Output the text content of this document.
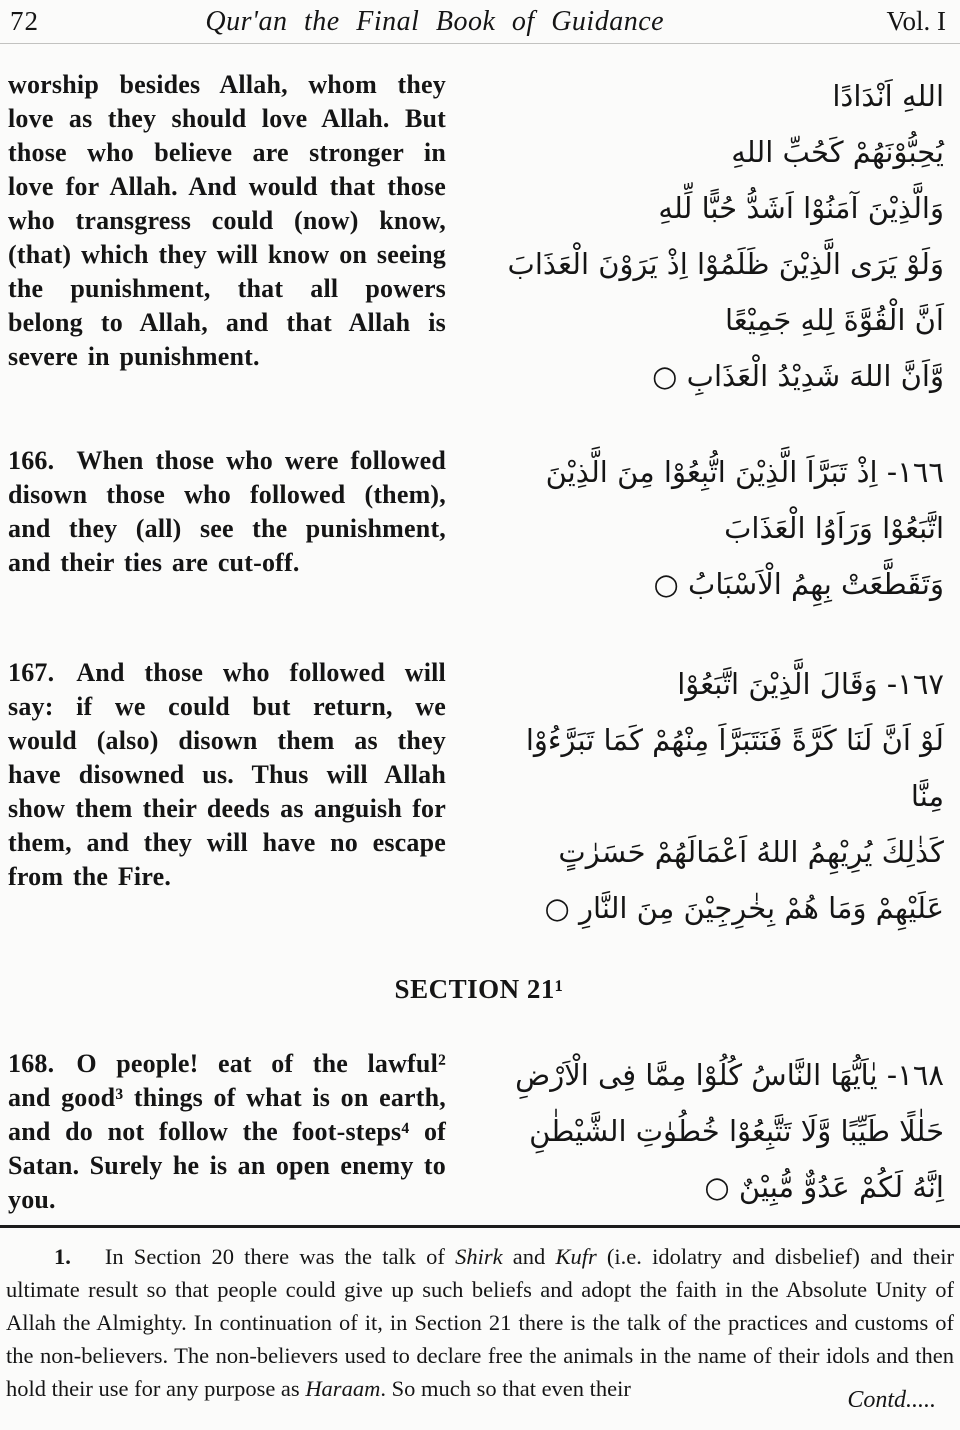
72	Qur'an the Final Book of Guidance	Vol. I

worship besides Allah, whom they love as they should love Allah. But those who believe are stronger in love for Allah. And would that those who transgress could (now) know, (that) which they will know on seeing the punishment, that all powers belong to Allah, and that Allah is severe in punishment.

اللهِ اَنْدَادًا
يُحِبُّوْنَهُمْ كَحُبِّ اللهِ
وَالَّذِيْنَ آمَنُوْا اَشَدُّ حُبًّا لِّلهِ
وَلَوْ يَرَى الَّذِيْنَ ظَلَمُوْا اِذْ يَرَوْنَ الْعَذَابَ
اَنَّ الْقُوَّةَ لِلهِ جَمِيْعًا
وَّاَنَّ اللهَ شَدِيْدُ الْعَذَابِ ○

166. When those who were followed disown those who followed (them), and they (all) see the punishment, and their ties are cut-off.

١٦٦- اِذْ تَبَرَّاَ الَّذِيْنَ اتُّبِعُوْا مِنَ الَّذِيْنَ
اتَّبَعُوْا وَرَاَوُا الْعَذَابَ
وَتَقَطَّعَتْ بِهِمُ الْاَسْبَابُ ○

167. And those who followed will say: if we could but return, we would (also) disown them as they have disowned us. Thus will Allah show them their deeds as anguish for them, and they will have no escape from the Fire.

١٦٧- وَقَالَ الَّذِيْنَ اتَّبَعُوْا
لَوْ اَنَّ لَنَا كَرَّةً فَنَتَبَرَّاَ مِنْهُمْ كَمَا تَبَرَّءُوْا
مِنَّا
كَذٰلِكَ يُرِيْهِمُ اللهُ اَعْمَالَهُمْ حَسَرٰتٍ
عَلَيْهِمْ وَمَا هُمْ بِخٰرِجِيْنَ مِنَ النَّارِ ○
SECTION 21¹

168. O people! eat of the lawful² and good³ things of what is on earth, and do not follow the foot-steps⁴ of Satan. Surely he is an open enemy to you.

١٦٨- يٰاَيُّهَا النَّاسُ كُلُوْا مِمَّا فِى الْاَرْضِ
حَلٰلًا طَيِّبًا وَّلَا تَتَّبِعُوْا خُطُوٰتِ الشَّيْطٰنِ
اِنَّهُ لَكُمْ عَدُوٌّ مُّبِيْنٌ ○

1. In Section 20 there was the talk of Shirk and Kufr (i.e. idolatry and disbelief) and their ultimate result so that people could give up such beliefs and adopt the faith in the Absolute Unity of Allah the Almighty. In continuation of it, in Section 21 there is the talk of the practices and customs of the non-believers. The non-believers used to declare free the animals in the name of their idols and then hold their use for any purpose as Haraam. So much so that even their	Contd.....
